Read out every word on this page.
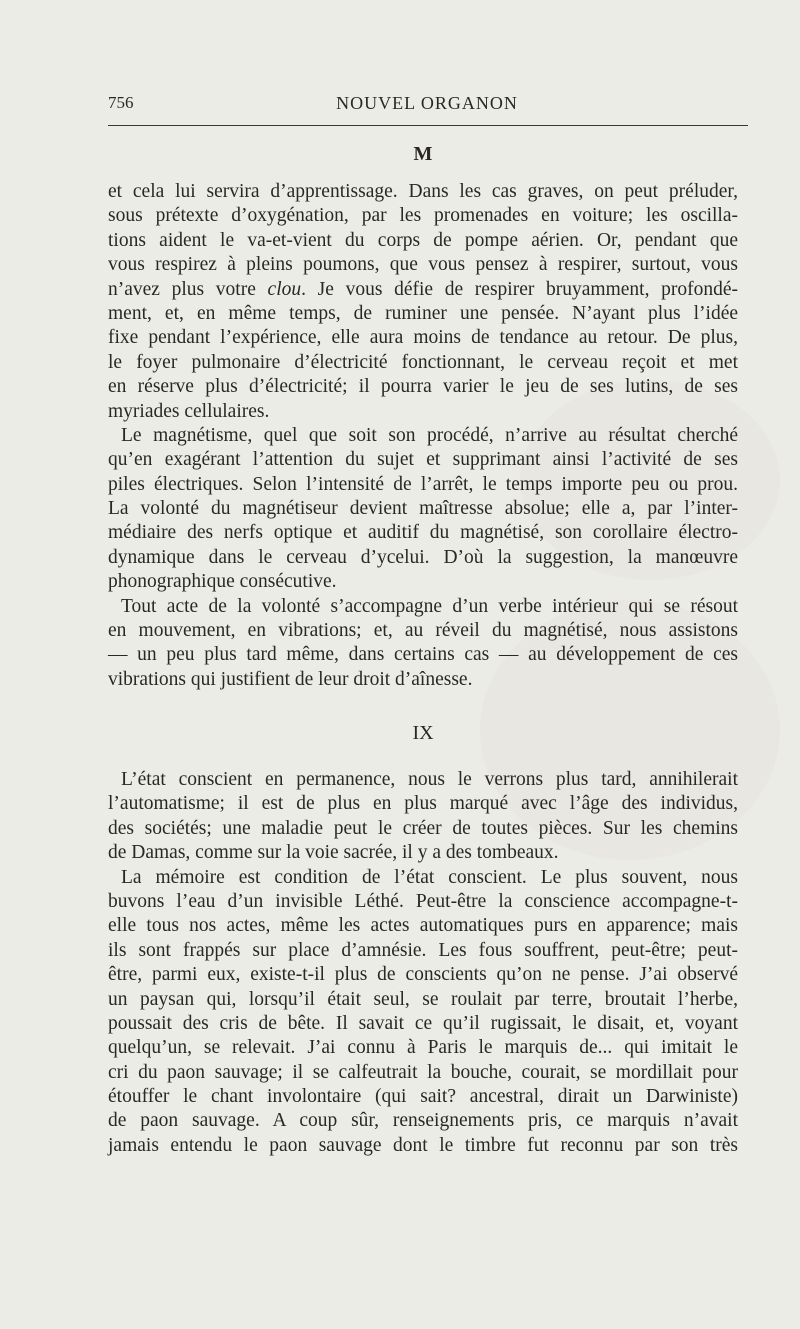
756	NOUVEL ORGANON
M
et cela lui servira d’apprentissage. Dans les cas graves, on peut préluder,
sous prétexte d’oxygénation, par les promenades en voiture; les oscilla-
tions aident le va-et-vient du corps de pompe aérien. Or, pendant que
vous respirez à pleins poumons, que vous pensez à respirer, surtout, vous
n’avez plus votre clou. Je vous défie de respirer bruyamment, profondé-
ment, et, en même temps, de ruminer une pensée. N’ayant plus l’idée
fixe pendant l’expérience, elle aura moins de tendance au retour. De plus,
le foyer pulmonaire d’électricité fonctionnant, le cerveau reçoit et met
en réserve plus d’électricité; il pourra varier le jeu de ses lutins, de ses
myriades cellulaires.
Le magnétisme, quel que soit son procédé, n’arrive au résultat cherché
qu’en exagérant l’attention du sujet et supprimant ainsi l’activité de ses
piles électriques. Selon l’intensité de l’arrêt, le temps importe peu ou prou.
La volonté du magnétiseur devient maîtresse absolue; elle a, par l’inter-
médiaire des nerfs optique et auditif du magnétisé, son corollaire électro-
dynamique dans le cerveau d’ycelui. D’où la suggestion, la manœuvre
phonographique consécutive.
Tout acte de la volonté s’accompagne d’un verbe intérieur qui se résout
en mouvement, en vibrations; et, au réveil du magnétisé, nous assistons
— un peu plus tard même, dans certains cas — au développement de ces
vibrations qui justifient de leur droit d’aînesse.
IX
L’état conscient en permanence, nous le verrons plus tard, annihilerait
l’automatisme; il est de plus en plus marqué avec l’âge des individus,
des sociétés; une maladie peut le créer de toutes pièces. Sur les chemins
de Damas, comme sur la voie sacrée, il y a des tombeaux.
La mémoire est condition de l’état conscient. Le plus souvent, nous
buvons l’eau d’un invisible Léthé. Peut-être la conscience accompagne-t-
elle tous nos actes, même les actes automatiques purs en apparence; mais
ils sont frappés sur place d’amnésie. Les fous souffrent, peut-être; peut-
être, parmi eux, existe-t-il plus de conscients qu’on ne pense. J’ai observé
un paysan qui, lorsqu’il était seul, se roulait par terre, broutait l’herbe,
poussait des cris de bête. Il savait ce qu’il rugissait, le disait, et, voyant
quelqu’un, se relevait. J’ai connu à Paris le marquis de... qui imitait le
cri du paon sauvage; il se calfeutrait la bouche, courait, se mordillait pour
étouffer le chant involontaire (qui sait? ancestral, dirait un Darwiniste)
de paon sauvage. A coup sûr, renseignements pris, ce marquis n’avait
jamais entendu le paon sauvage dont le timbre fut reconnu par son très
